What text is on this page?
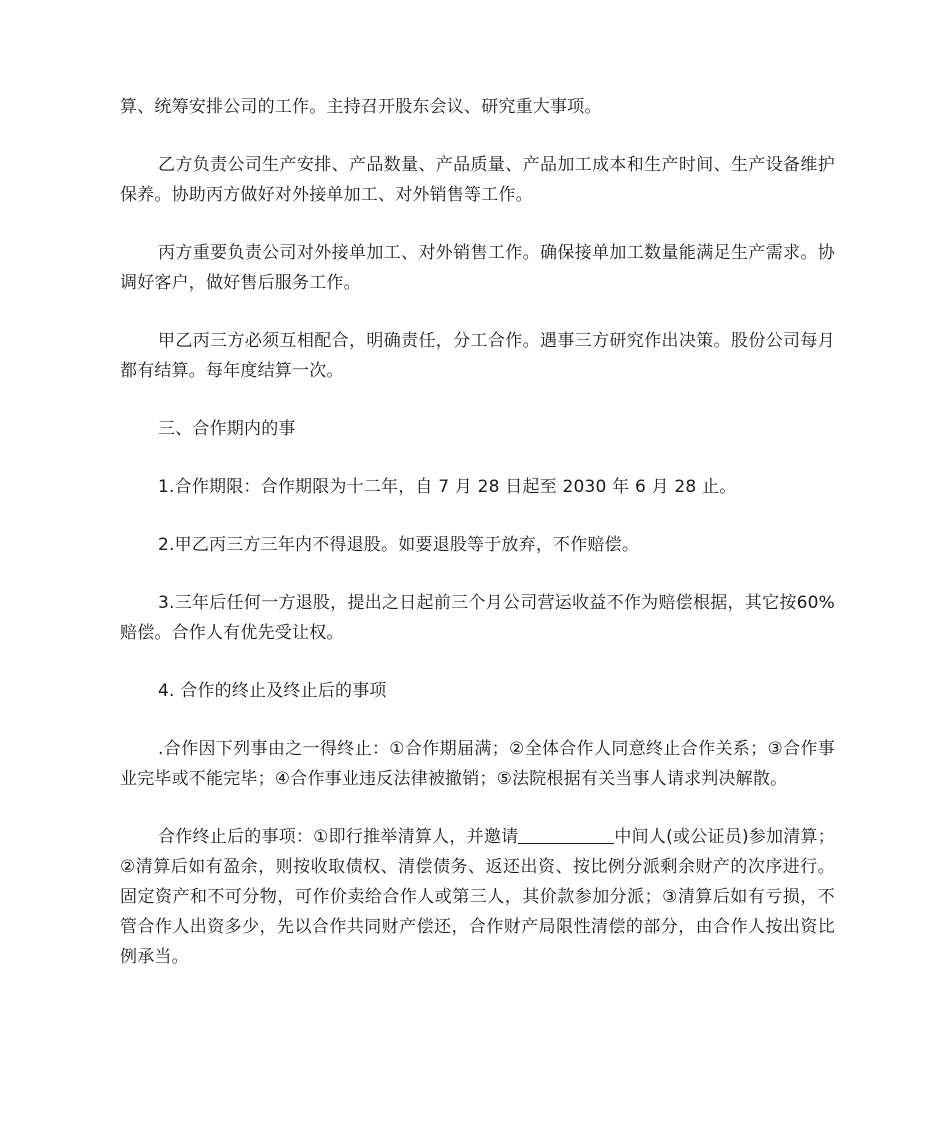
算、统筹安排公司的工作。主持召开股东会议、研究重大事项。

乙方负责公司生产安排、产品数量、产品质量、产品加工成本和生产时间、生产设备维护保养。协助丙方做好对外接单加工、对外销售等工作。

丙方重要负责公司对外接单加工、对外销售工作。确保接单加工数量能满足生产需求。协调好客户，做好售后服务工作。

甲乙丙三方必须互相配合，明确责任，分工合作。遇事三方研究作出决策。股份公司每月都有结算。每年度结算一次。

三、合作期内的事

1.合作期限：合作期限为十二年，自 7 月 28 日起至 2030 年 6 月 28 止。

2.甲乙丙三方三年内不得退股。如要退股等于放弃，不作赔偿。

3.三年后任何一方退股，提出之日起前三个月公司营运收益不作为赔偿根据，其它按60%赔偿。合作人有优先受让权。

4. 合作的终止及终止后的事项

.合作因下列事由之一得终止：①合作期届满；②全体合作人同意终止合作关系；③合作事业完毕或不能完毕；④合作事业违反法律被撤销；⑤法院根据有关当事人请求判决解散。

合作终止后的事项：①即行推举清算人，并邀请	中间人(或公证员)参加清算；②清算后如有盈余，则按收取债权、清偿债务、返还出资、按比例分派剩余财产的次序进行。固定资产和不可分物，可作价卖给合作人或第三人，其价款参加分派；③清算后如有亏损，不管合作人出资多少，先以合作共同财产偿还，合作财产局限性清偿的部分，由合作人按出资比例承当。
